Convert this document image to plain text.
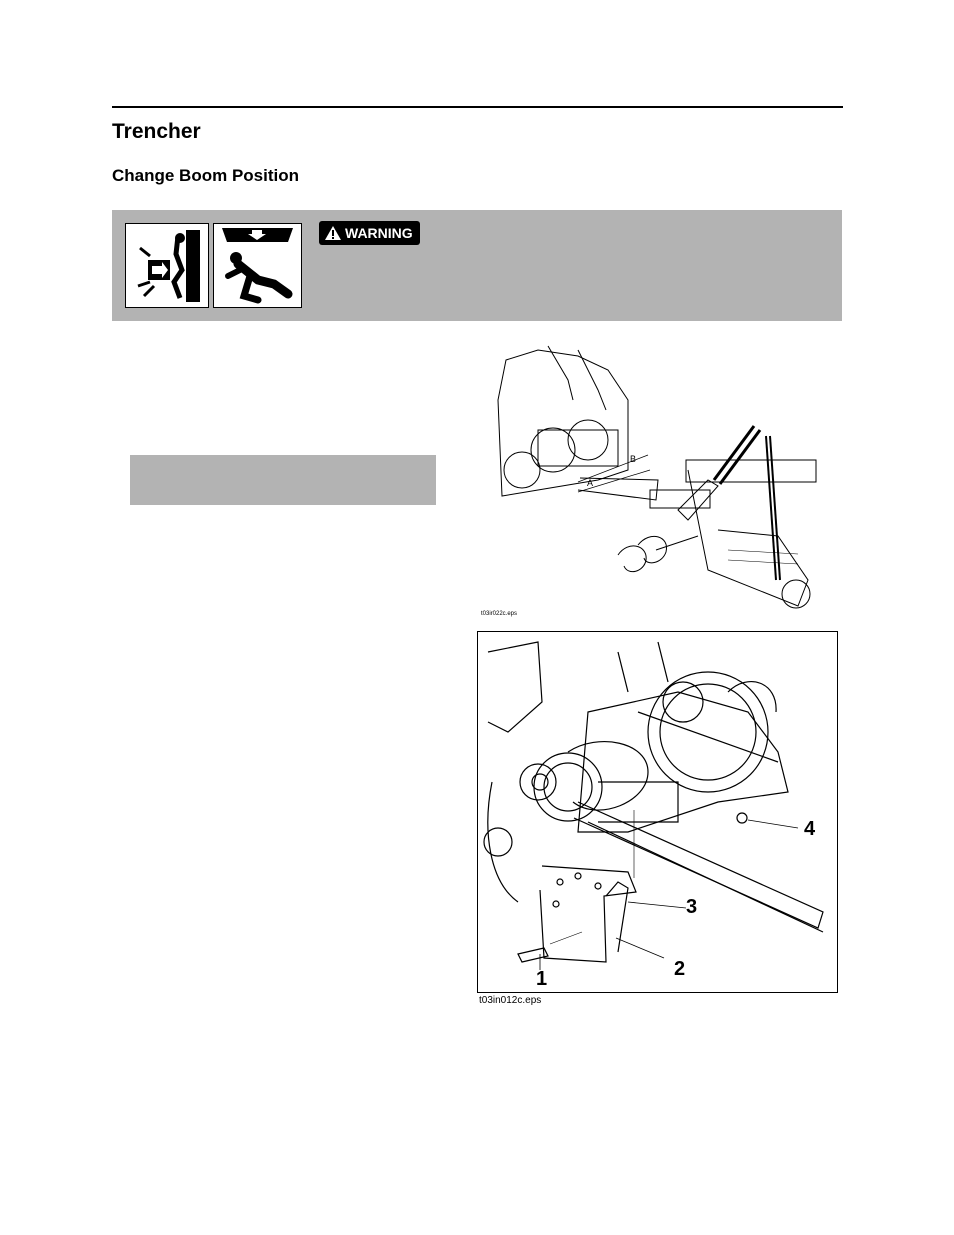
Trencher
Change Boom Position
WARNING
A
B
t03ir022c.eps
1	2
3
4
t03in012c.eps
